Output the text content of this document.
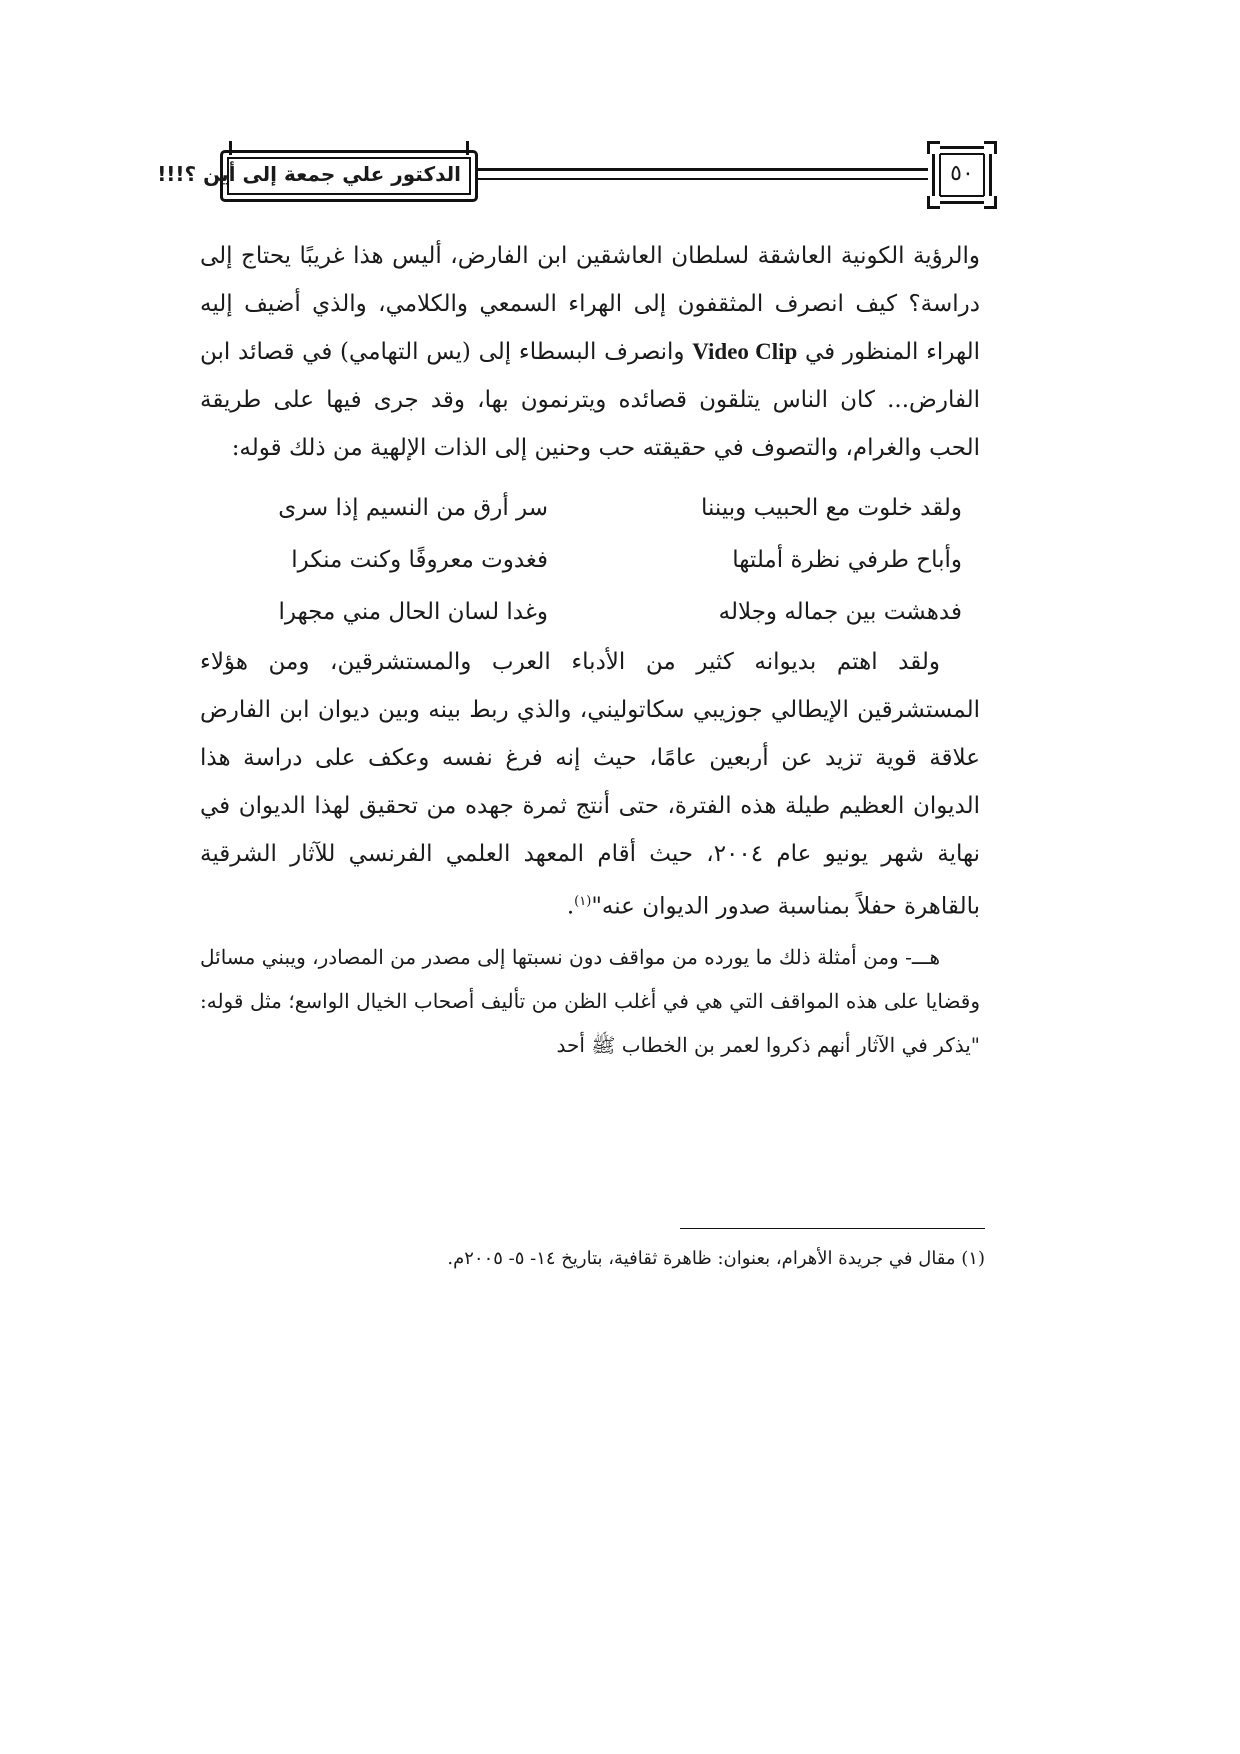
الدكتور علي جمعة إلى أين ؟!!!	٥٠

والرؤية الكونية العاشقة لسلطان العاشقين ابن الفارض، أليس هذا غريبًا يحتاج إلى دراسة؟ كيف انصرف المثقفون إلى الهراء السمعي والكلامي، والذي أضيف إليه الهراء المنظور في Video Clip وانصرف البسطاء إلى (يس التهامي) في قصائد ابن الفارض... كان الناس يتلقون قصائده ويترنمون بها، وقد جرى فيها على طريقة الحب والغرام، والتصوف في حقيقته حب وحنين إلى الذات الإلهية من ذلك قوله:

ولقد خلوت مع الحبيب وبيننا
سر أرق من النسيم إذا سرى
وأباح طرفي نظرة أملتها
فغدوت معروفًا وكنت منكرا
فدهشت بين جماله وجلاله
وغدا لسان الحال مني مجهرا

ولقد اهتم بديوانه كثير من الأدباء العرب والمستشرقين، ومن هؤلاء المستشرقين الإيطالي جوزيبي سكاتوليني، والذي ربط بينه وبين ديوان ابن الفارض علاقة قوية تزيد عن أربعين عامًا، حيث إنه فرغ نفسه وعكف على دراسة هذا الديوان العظيم طيلة هذه الفترة، حتى أنتج ثمرة جهده من تحقيق لهذا الديوان في نهاية شهر يونيو عام ٢٠٠٤، حيث أقام المعهد العلمي الفرنسي للآثار الشرقية بالقاهرة حفلاً بمناسبة صدور الديوان عنه"$^{(١)}$.

هـــ- ومن أمثلة ذلك ما يورده من مواقف دون نسبتها إلى مصدر من المصادر، ويبني مسائل وقضايا على هذه المواقف التي هي في أغلب الظن من تأليف أصحاب الخيال الواسع؛ مثل قوله: "يذكر في الآثار أنهم ذكروا لعمر بن الخطاب ﷺ أحد

(١) مقال في جريدة الأهرام، بعنوان: ظاهرة ثقافية، بتاريخ ١٤- ٥- ٢٠٠٥م.
